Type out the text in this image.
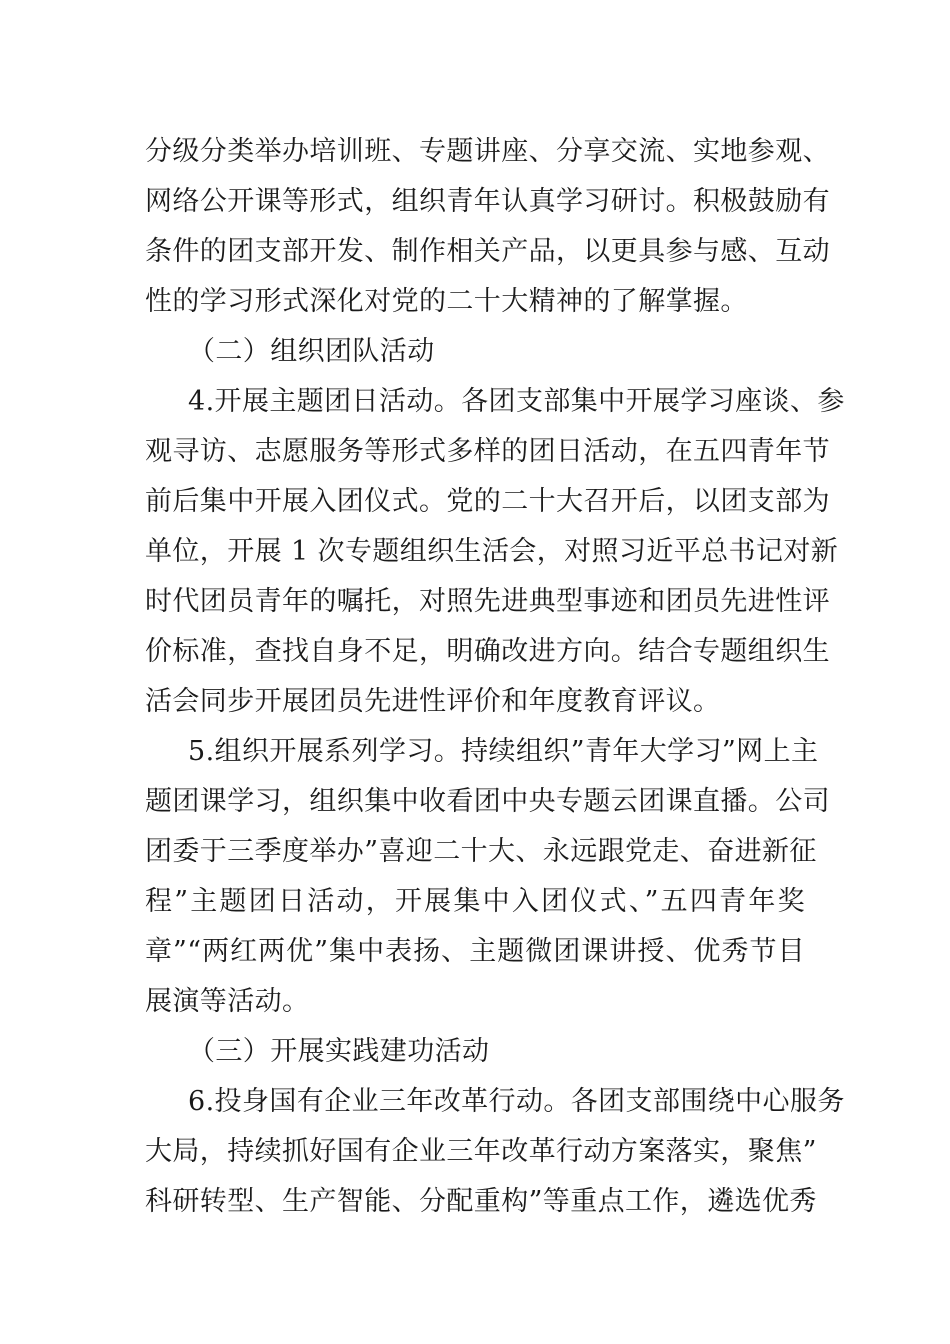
分级分类举办培训班、专题讲座、分享交流、实地参观、
网络公开课等形式，组织青年认真学习研讨。积极鼓励有
条件的团支部开发、制作相关产品，以更具参与感、互动
性的学习形式深化对党的二十大精神的了解掌握。
（二）组织团队活动
4.开展主题团日活动。各团支部集中开展学习座谈、参
观寻访、志愿服务等形式多样的团日活动，在五四青年节
前后集中开展入团仪式。党的二十大召开后，以团支部为
单位，开展 1 次专题组织生活会，对照习近平总书记对新
时代团员青年的嘱托，对照先进典型事迹和团员先进性评
价标准，查找自身不足，明确改进方向。结合专题组织生
活会同步开展团员先进性评价和年度教育评议。
5.组织开展系列学习。持续组织”青年大学习”网上主
题团课学习，组织集中收看团中央专题云团课直播。公司
团委于三季度举办”喜迎二十大、永远跟党走、奋进新征
程”主题团日活动，开展集中入团仪式、”五四青年奖
章”“两红两优”集中表扬、主题微团课讲授、优秀节目
展演等活动。
（三）开展实践建功活动
6.投身国有企业三年改革行动。各团支部围绕中心服务
大局，持续抓好国有企业三年改革行动方案落实，聚焦”
科研转型、生产智能、分配重构”等重点工作，遴选优秀
